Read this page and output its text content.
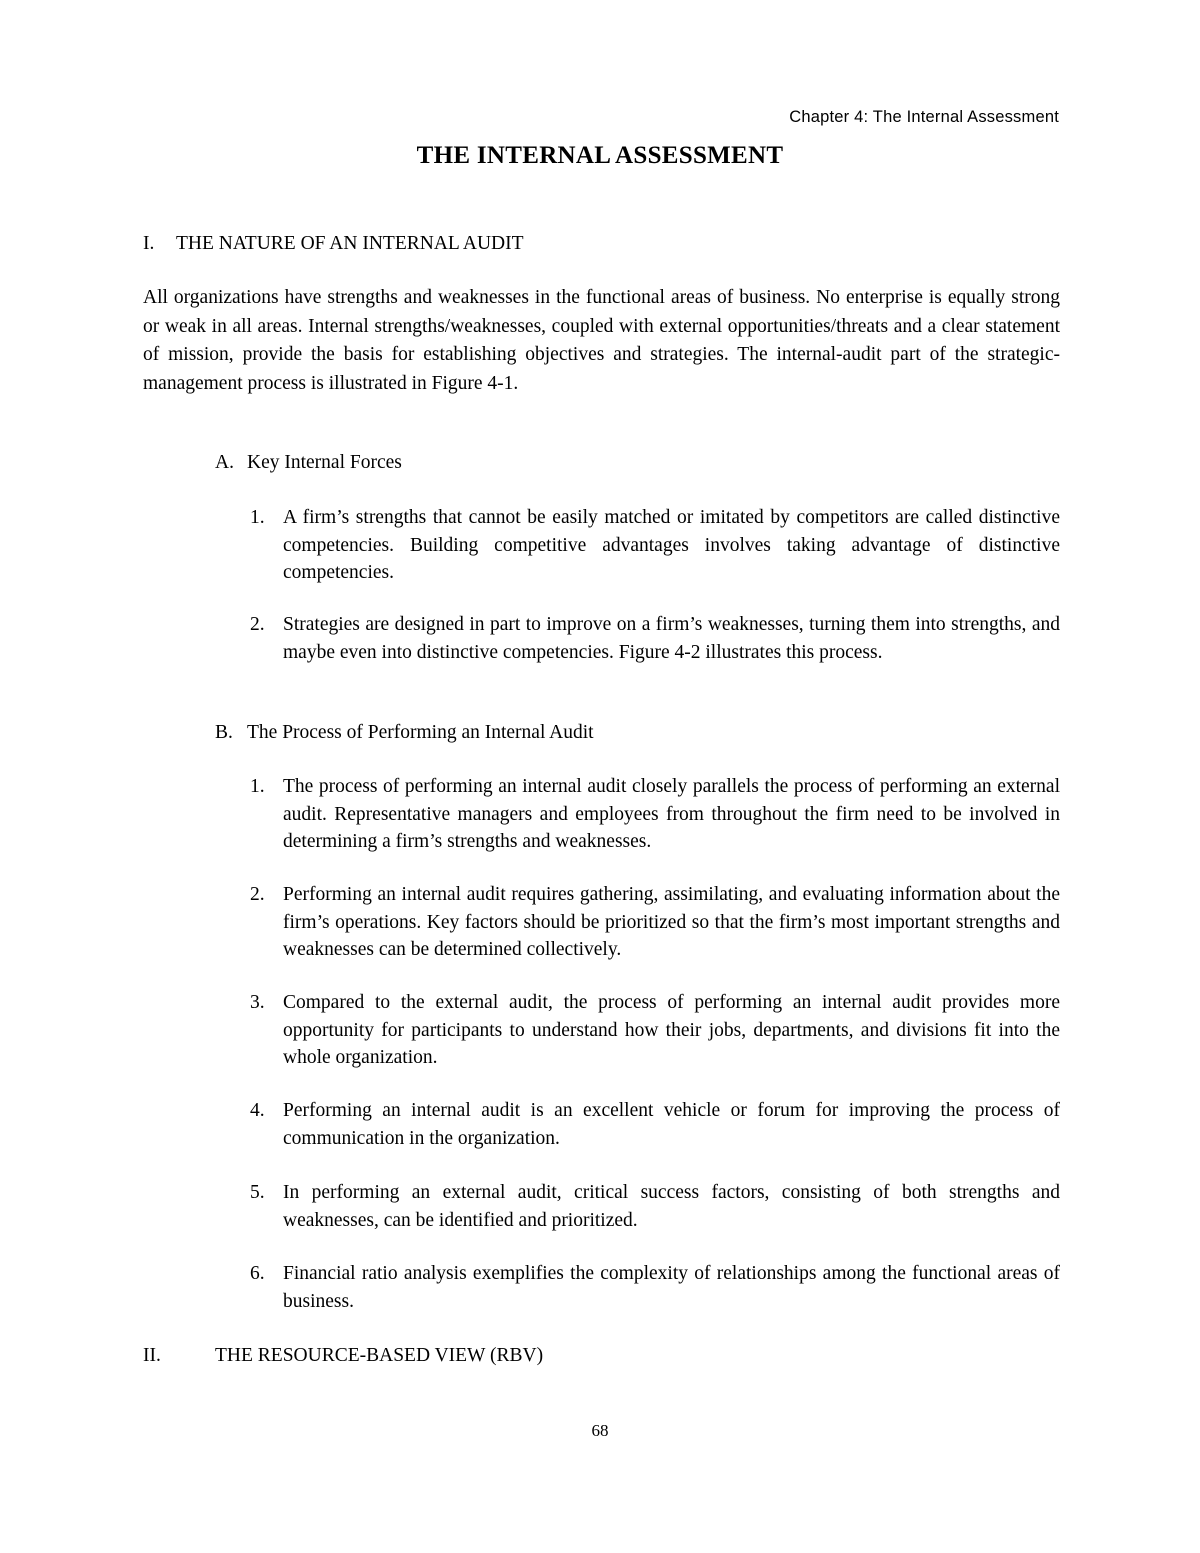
Chapter 4: The Internal Assessment
THE INTERNAL ASSESSMENT
I. THE NATURE OF AN INTERNAL AUDIT

All organizations have strengths and weaknesses in the functional areas of business. No enterprise is equally strong or weak in all areas. Internal strengths/weaknesses, coupled with external opportunities/threats and a clear statement of mission, provide the basis for establishing objectives and strategies. The internal-audit part of the strategic-management process is illustrated in Figure 4-1.

A. Key Internal Forces
1. A firm’s strengths that cannot be easily matched or imitated by competitors are called distinctive competencies. Building competitive advantages involves taking advantage of distinctive competencies.

2. Strategies are designed in part to improve on a firm’s weaknesses, turning them into strengths, and maybe even into distinctive competencies. Figure 4-2 illustrates this process.

B. The Process of Performing an Internal Audit
1. The process of performing an internal audit closely parallels the process of performing an external audit. Representative managers and employees from throughout the firm need to be involved in determining a firm’s strengths and weaknesses.

2. Performing an internal audit requires gathering, assimilating, and evaluating information about the firm’s operations. Key factors should be prioritized so that the firm’s most important strengths and weaknesses can be determined collectively.

3. Compared to the external audit, the process of performing an internal audit provides more opportunity for participants to understand how their jobs, departments, and divisions fit into the whole organization.

4. Performing an internal audit is an excellent vehicle or forum for improving the process of communication in the organization.

5. In performing an external audit, critical success factors, consisting of both strengths and weaknesses, can be identified and prioritized.

6. Financial ratio analysis exemplifies the complexity of relationships among the functional areas of business.

II.	THE RESOURCE-BASED VIEW (RBV)
68
